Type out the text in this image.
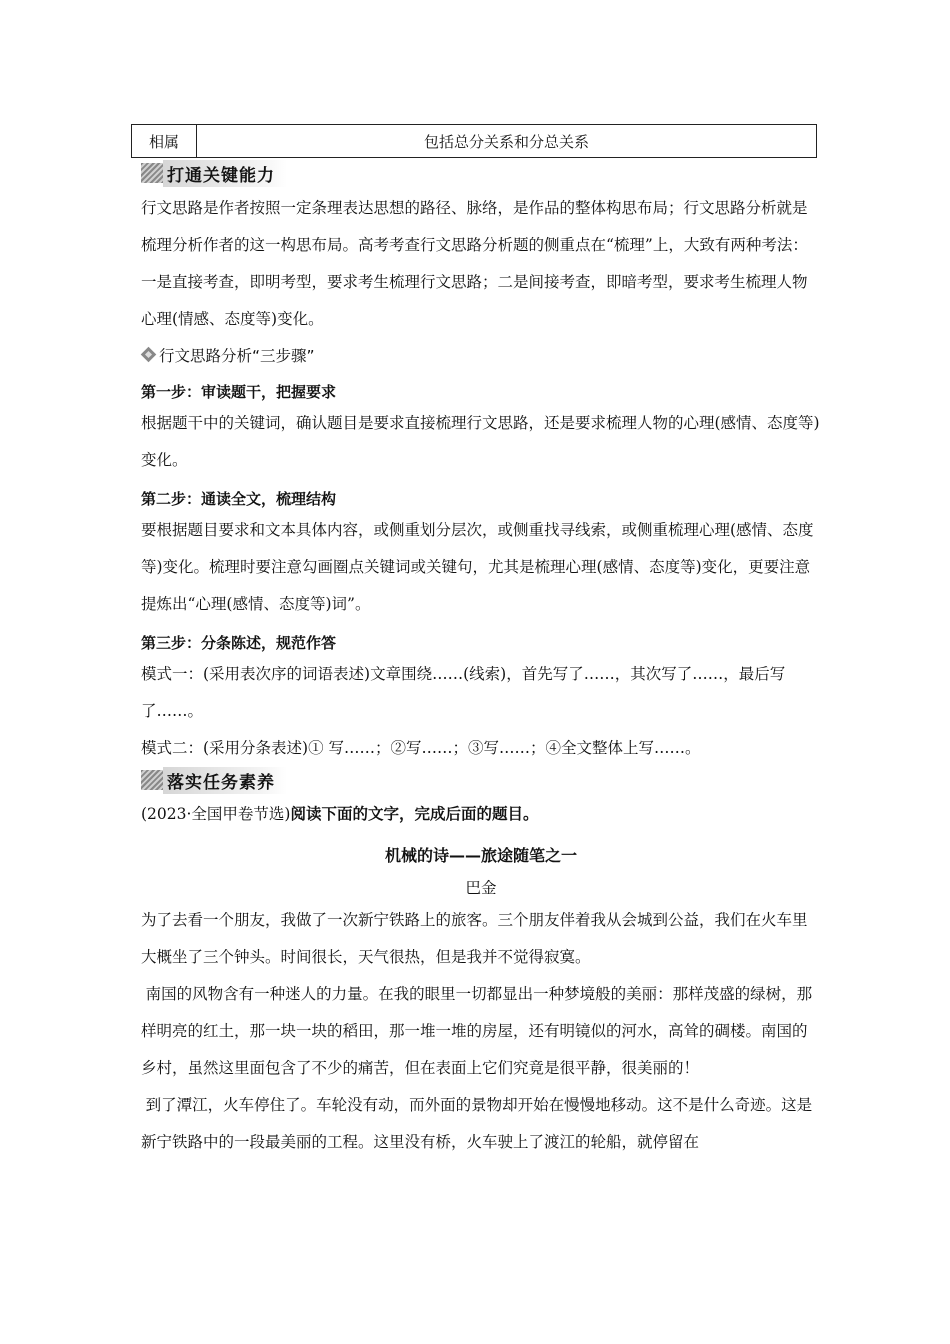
相属	包括总分关系和分总关系
打通关键能力

行文思路是作者按照一定条理表达思想的路径、脉络，是作品的整体构思布局；行文思路分析就是梳理分析作者的这一构思布局。高考考查行文思路分析题的侧重点在“梳理”上，大致有两种考法：一是直接考查，即明考型，要求考生梳理行文思路；二是间接考查，即暗考型，要求考生梳理人物心理(情感、态度等)变化。

行文思路分析“三步骤”
第一步：审读题干，把握要求

根据题干中的关键词，确认题目是要求直接梳理行文思路，还是要求梳理人物的心理(感情、态度等)变化。

第二步：通读全文，梳理结构

要根据题目要求和文本具体内容，或侧重划分层次，或侧重找寻线索，或侧重梳理心理(感情、态度等)变化。梳理时要注意勾画圈点关键词或关键句，尤其是梳理心理(感情、态度等)变化，更要注意提炼出“心理(感情、态度等)词”。

第三步：分条陈述，规范作答

模式一：(采用表次序的词语表述)文章围绕……(线索)，首先写了……，其次写了……，最后写了……。

模式二：(采用分条表述)① 写……；②写……；③写……；④全文整体上写……。

落实任务素养
(2023·全国甲卷节选)阅读下面的文字，完成后面的题目。
机械的诗——旅途随笔之一
巴金

为了去看一个朋友，我做了一次新宁铁路上的旅客。三个朋友伴着我从会城到公益，我们在火车里大概坐了三个钟头。时间很长，天气很热，但是我并不觉得寂寞。

南国的风物含有一种迷人的力量。在我的眼里一切都显出一种梦境般的美丽：那样茂盛的绿树，那样明亮的红土，那一块一块的稻田，那一堆一堆的房屋，还有明镜似的河水，高耸的碉楼。南国的乡村，虽然这里面包含了不少的痛苦，但在表面上它们究竟是很平静，很美丽的！

到了潭江，火车停住了。车轮没有动，而外面的景物却开始在慢慢地移动。这不是什么奇迹。这是新宁铁路中的一段最美丽的工程。这里没有桥，火车驶上了渡江的轮船，就停留在
